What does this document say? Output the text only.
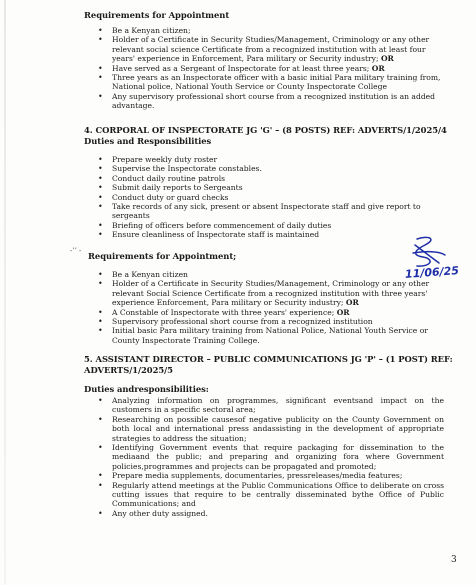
Requirements for Appointment
• Be a Kenyan citizen;
• Holder of a Certificate in Security Studies/Management, Criminology or any other relevant social science Certificate from a recognized institution with at least four years' experience in Enforcement, Para military or Security industry; OR
• Have served as a Sergeant of Inspectorate for at least three years; OR
• Three years as an Inspectorate officer with a basic initial Para military training from, National police, National Youth Service or County Inspectorate College
• Any supervisory professional short course from a recognized institution is an added advantage.
4. CORPORAL OF INSPECTORATE JG 'G' – (8 POSTS) REF: ADVERTS/1/2025/4
Duties and Responsibilities
• Prepare weekly duty roster
• Supervise the Inspectorate constables.
• Conduct daily routine patrols
• Submit daily reports to Sergeants
• Conduct duty or guard checks
• Take records of any sick, present or absent Inspectorate staff and give report to sergeants
• Briefing of officers before commencement of daily duties
• Ensure cleanliness of Inspectorate staff is maintained
-’’ - Requirements for Appointment;
11/06/25
• Be a Kenyan citizen
• Holder of a Certificate in Security Studies/Management, Criminology or any other relevant Social Science Certificate from a recognized institution with three years' experience Enforcement, Para military or Security industry; OR
• A Constable of Inspectorate with three years' experience; OR
• Supervisory professional short course from a recognized institution
• Initial basic Para military training from National Police, National Youth Service or County Inspectorate Training College.
5. ASSISTANT DIRECTOR – PUBLIC COMMUNICATIONS JG 'P' – (1 POST) REF:
ADVERTS/1/2025/5
Duties andresponsibilities:
• Analyzing information on programmes, significant eventsand impact on the customers in a specific sectoral area;
• Researching on possible causesof negative publicity on the County Government on both local and international press andassisting in the development of appropriate strategies to address the situation;
• Identifying Government events that require packaging for dissemination to the mediaand the public; and preparing and organizing fora where Government policies,programmes and projects can be propagated and promoted;
• Prepare media supplements, documentaries, pressreleases/media features;
• Regularly attend meetings at the Public Communications Office to deliberate on cross cutting issues that require to be centrally disseminated bythe Office of Public Communications; and
• Any other duty assigned.
3
